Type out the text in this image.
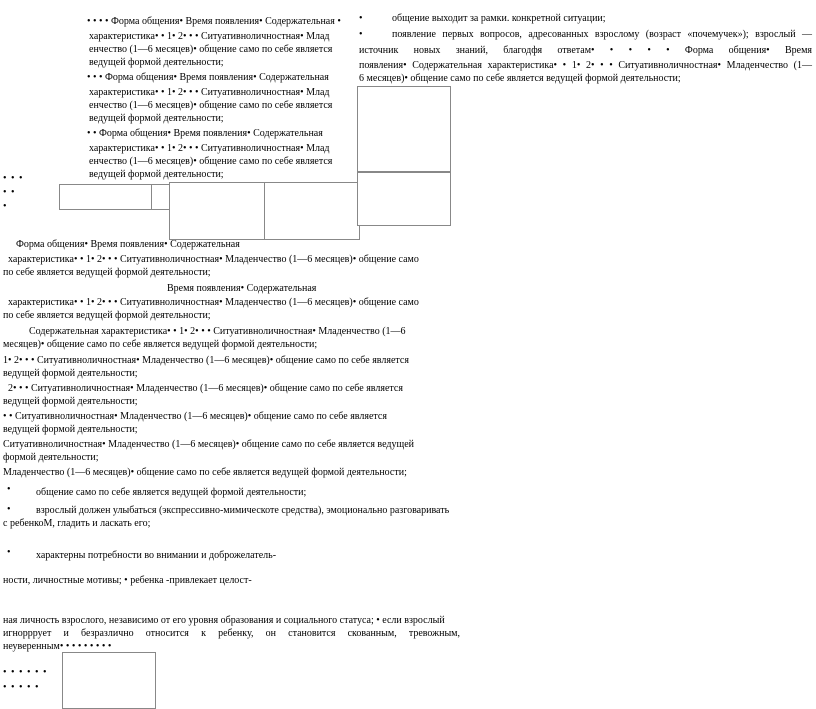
общение выходит за рамки. конкретной ситуации;
•
•	появление первых вопросов, адресованных взрослому (возраст «почемучек»); взрослый —
источник новых знаний, благодфя ответам• • • • • Форма общения• Время
появления• Содержательная характеристика• • 1• 2• • • Ситуативноличностная• Младенчество (1—
6 месяцев)• общение само по себе является ведущей формой деятельности;
• • • • Форма общения• Время появления• Содержательная •
характеристика• • 1• 2• • • Ситуативноличностная• Млад
енчество (1—6 месяцев)• общение само по себе является
ведущей формой деятельности;
• • • Форма общения• Время появления• Содержательная
характеристика• • 1• 2• • • Ситуативноличностная• Млад
енчество (1—6 месяцев)• общение само по себе является
ведущей формой деятельности;
• • Форма общения• Время появления• Содержательная
характеристика• • 1• 2• • • Ситуативноличностная• Млад
енчество (1—6 месяцев)• общение само по себе является
ведущей формой деятельности;
• • •
• •
•
Форма общения• Время появления• Содержательная
характеристика• • 1• 2• • • Ситуативноличностная• Младенчество (1—6 месяцев)• общение само
по себе является ведущей формой деятельности;
Время появления• Содержательная
характеристика• • 1• 2• • • Ситуативноличностная• Младенчество (1—6 месяцев)• общение само
по себе является ведущей формой деятельности;
Содержательная характеристика• • 1• 2• • • Ситуативноличностная• Младенчество (1—6
месяцев)• общение само по себе является ведущей формой деятельности;
1• 2• • • Ситуативноличностная• Младенчество (1—6 месяцев)• общение само по себе является
ведущей формой деятельности;
2• • • Ситуативноличностная• Младенчество (1—6 месяцев)• общение само по себе является
ведущей формой деятельности;
• • Ситуативноличностная• Младенчество (1—6 месяцев)• общение само по себе является
ведущей формой деятельности;
Ситуативноличностная• Младенчество (1—6 месяцев)• общение само по себе является ведущей
формой деятельности;
Младенчество (1—6 месяцев)• общение само по себе является ведущей формой деятельности;
•	общение само по себе является ведущей формой деятельности;
•	взрослый должен улыбаться (экспрессивно-мимическоте средства), эмоционально разговаривать
с ребенкоМ, гладить и ласкать его;
•	характерны потребности во внимании и доброжелатель-
ности, личностные мотивы; • ребенка -привлекает целост-
ная личность взрослого, независимо от его уровня образования и социального статуса; • если взрослый
игнорррует и безразлично относится к ребенку, он становится скованным, тревожным,
неуверенным• • • • • • • • •
• • • • • •
• • • • •
